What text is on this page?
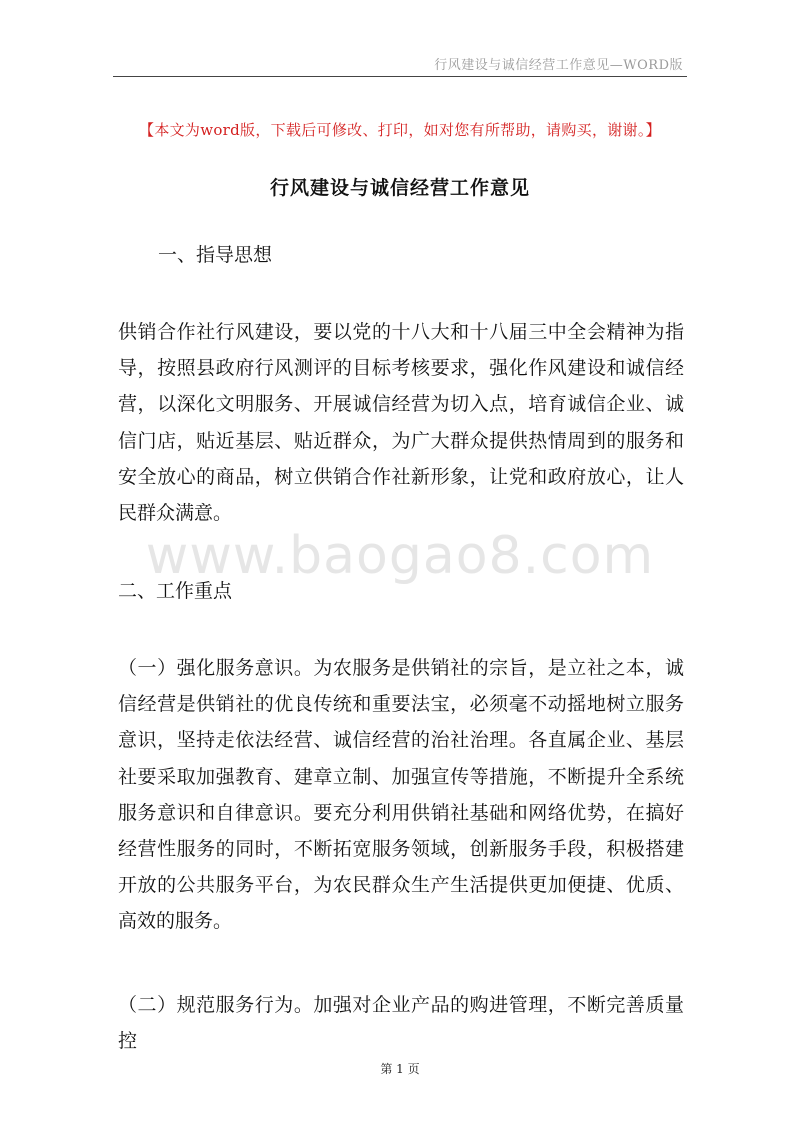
行风建设与诚信经营工作意见—WORD版
【本文为word版，下载后可修改、打印，如对您有所帮助，请购买，谢谢。】
行风建设与诚信经营工作意见
一、指导思想
供销合作社行风建设，要以党的十八大和十八届三中全会精神为指导，按照县政府行风测评的目标考核要求，强化作风建设和诚信经营，以深化文明服务、开展诚信经营为切入点，培育诚信企业、诚信门店，贴近基层、贴近群众，为广大群众提供热情周到的服务和安全放心的商品，树立供销合作社新形象，让党和政府放心，让人民群众满意。
www.baogao8.com
二、工作重点
（一）强化服务意识。为农服务是供销社的宗旨，是立社之本，诚信经营是供销社的优良传统和重要法宝，必须毫不动摇地树立服务意识，坚持走依法经营、诚信经营的治社治理。各直属企业、基层社要采取加强教育、建章立制、加强宣传等措施，不断提升全系统服务意识和自律意识。要充分利用供销社基础和网络优势，在搞好经营性服务的同时，不断拓宽服务领域，创新服务手段，积极搭建开放的公共服务平台，为农民群众生产生活提供更加便捷、优质、高效的服务。
（二）规范服务行为。加强对企业产品的购进管理，不断完善质量控
第 1 页
